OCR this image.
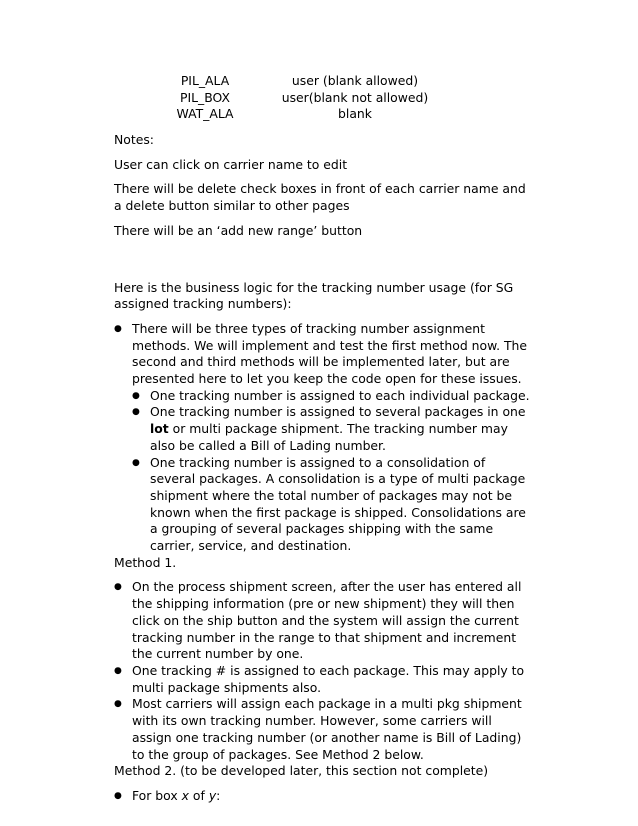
PIL_ALA	user (blank allowed)
PIL_BOX	user(blank not allowed)
WAT_ALA	blank

Notes:

User can click on carrier name to edit

There will be delete check boxes in front of each carrier name and a delete button similar to other pages

There will be an ‘add new range’ button

Here is the business logic for the tracking number usage (for SG assigned tracking numbers):

● There will be three types of tracking number assignment methods. We will implement and test the first method now. The second and third methods will be implemented later, but are presented here to let you keep the code open for these issues.
● One tracking number is assigned to each individual package.
● One tracking number is assigned to several packages in one lot or multi package shipment. The tracking number may also be called a Bill of Lading number.
● One tracking number is assigned to a consolidation of several packages. A consolidation is a type of multi package shipment where the total number of packages may not be known when the first package is shipped. Consolidations are a grouping of several packages shipping with the same carrier, service, and destination.

Method 1.

● On the process shipment screen, after the user has entered all the shipping information (pre or new shipment) they will then click on the ship button and the system will assign the current tracking number in the range to that shipment and increment the current number by one.
● One tracking # is assigned to each package. This may apply to multi package shipments also.
● Most carriers will assign each package in a multi pkg shipment with its own tracking number. However, some carriers will assign one tracking number (or another name is Bill of Lading) to the group of packages. See Method 2 below.

Method 2. (to be developed later, this section not complete)

● For box x of y:
